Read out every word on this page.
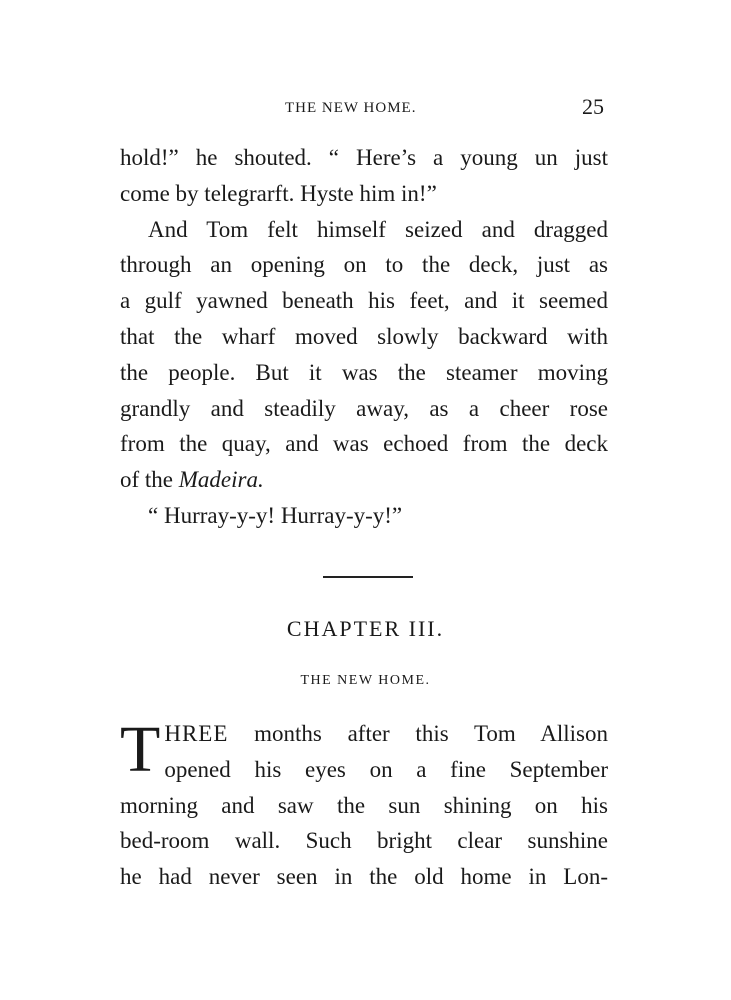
THE NEW HOME.	25
hold!” he shouted. “ Here’s a young un just
come by telegrarft. Hyste him in!”
And Tom felt himself seized and dragged
through an opening on to the deck, just as
a gulf yawned beneath his feet, and it seemed
that the wharf moved slowly backward with
the people. But it was the steamer moving
grandly and steadily away, as a cheer rose
from the quay, and was echoed from the deck
of the Madeira.
“ Hurray-y-y! Hurray-y-y!”
CHAPTER III.
THE NEW HOME.
T HREE months after this Tom Allison
opened his eyes on a fine September
morning and saw the sun shining on his
bed-room wall. Such bright clear sunshine
he had never seen in the old home in Lon-
